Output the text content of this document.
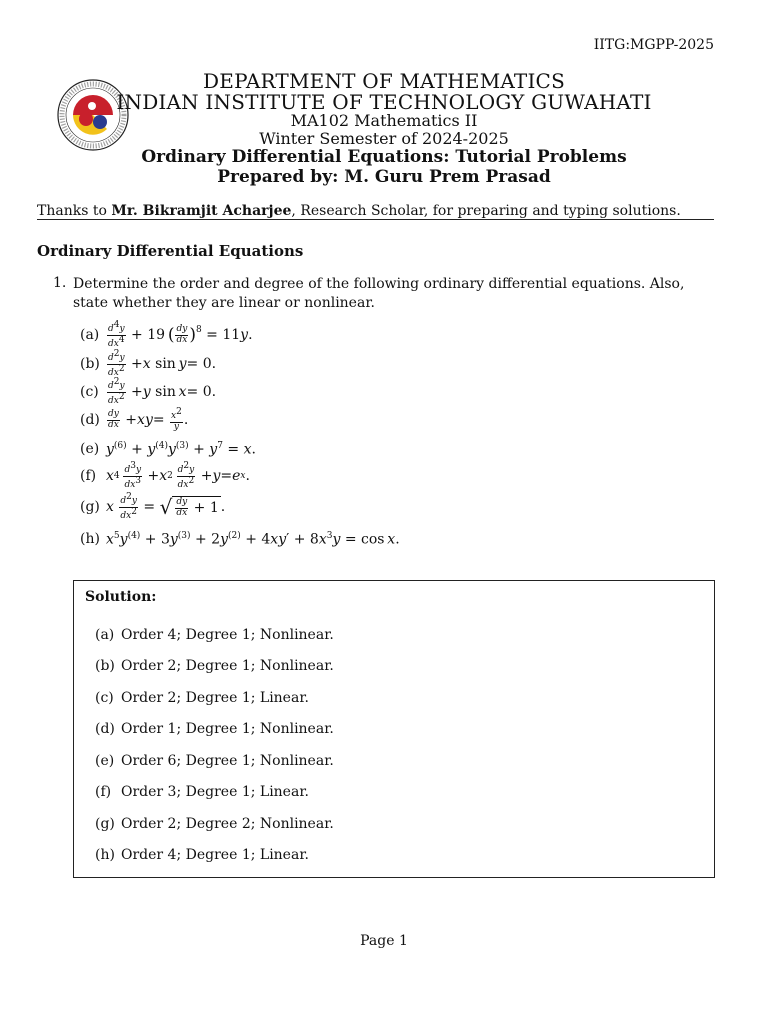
IITG:MGPP-2025
DEPARTMENT OF MATHEMATICS
INDIAN INSTITUTE OF TECHNOLOGY GUWAHATI
MA102 Mathematics II
Winter Semester of 2024-2025
Ordinary Differential Equations: Tutorial Problems
Prepared by: M. Guru Prem Prasad
Thanks to Mr. Bikramjit Acharjee, Research Scholar, for preparing and typing solutions.
Ordinary Differential Equations
1. Determine the order and degree of the following ordinary differential equations. Also, state whether they are linear or nonlinear.
$(a) \frac{d^4y}{dx^4} + 19$  ( $\frac{dy}{dx} )^8 = 11$ y .
$(b) \frac{d^2y}{dx^2} + x$ sin  y = 0.
$(c) \frac{d^2y}{dx^2} + y$ sin  x = 0.
$(d) \frac{dy}{dx}$ + xy = $\frac{x^2}{y}$ .
(e) $y^{(6)} + y^{(4)}y^{(3)} + y^7 = x$.
(f) x 4
  $\frac{d^3y}{dx^3} + x$ 2
  $\frac{d^2y}{dx^2} + y = e$ x .
(g) x
$\frac{d^2y}{dx^2}$ = √ $\frac{dy}{dx} + 1$ .
(h) $x^5y^{(4)} + 3y^{(3)} + 2y^{(2)} + 4xy' + 8x^3y = \cos x$.
Solution:
(a) Order 4; Degree 1; Nonlinear.
(b) Order 2; Degree 1; Nonlinear.
(c) Order 2; Degree 1; Linear.
(d) Order 1; Degree 1; Nonlinear.
(e) Order 6; Degree 1; Nonlinear.
(f) Order 3; Degree 1; Linear.
(g) Order 2; Degree 2; Nonlinear.
(h) Order 4; Degree 1; Linear.
Page 1
